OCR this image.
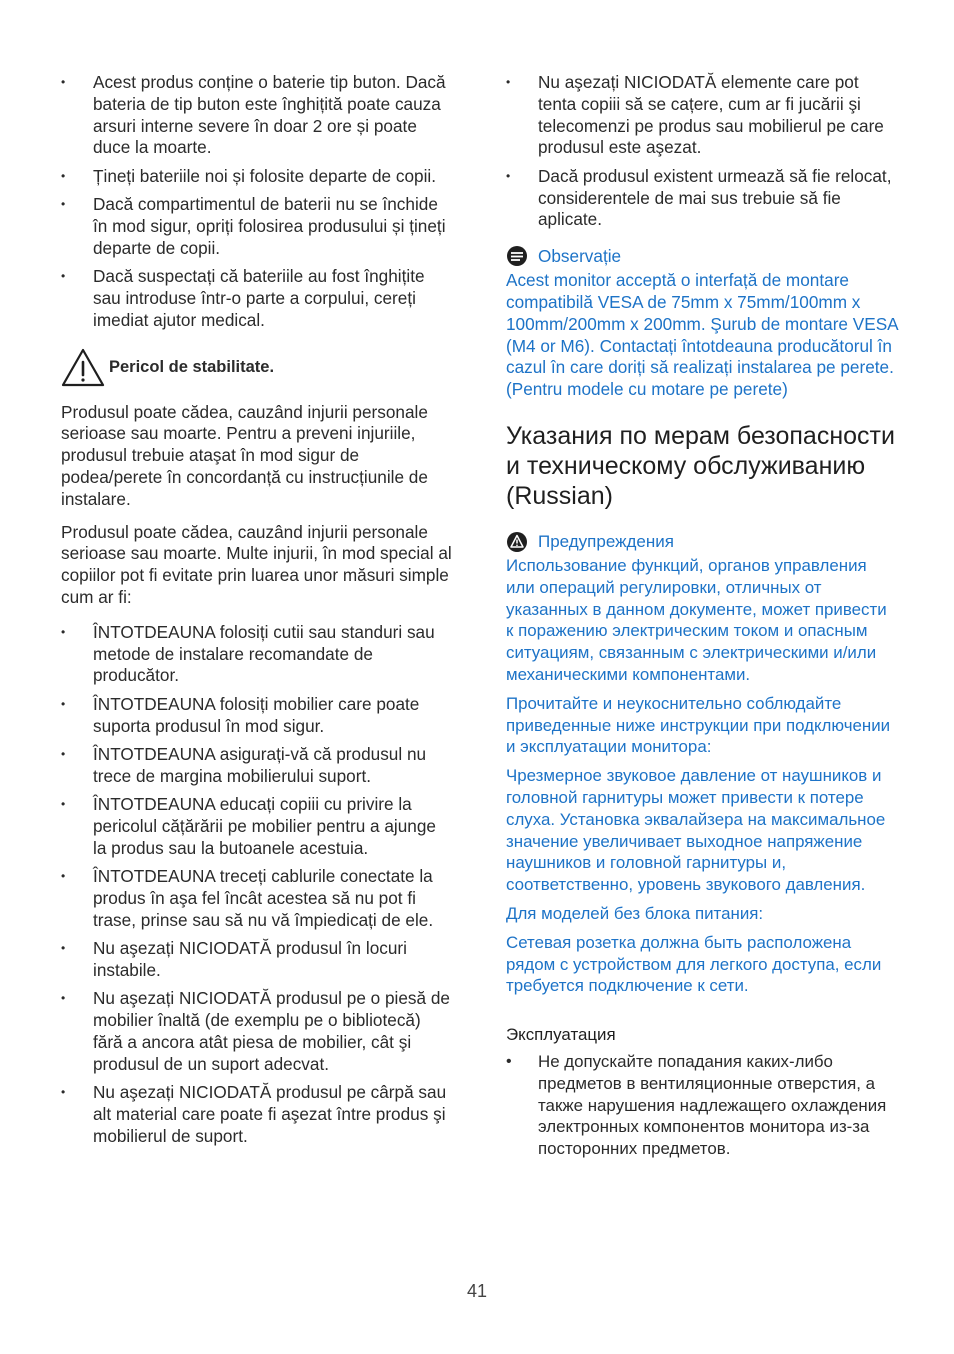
•	Acest produs conține o baterie tip buton. Dacă bateria de tip buton este înghițită poate cauza arsuri interne severe în doar 2 ore și poate duce la moarte.
•	Țineți bateriile noi și folosite departe de copii.
•	Dacă compartimentul de baterii nu se închide în mod sigur, opriți folosirea produsului și țineți departe de copii.
•	Dacă suspectați că bateriile au fost înghițite sau introduse într-o parte a corpului, cereți imediat ajutor medical.
Pericol de stabilitate.

Produsul poate cădea, cauzând injurii personale serioase sau moarte. Pentru a preveni injuriile, produsul trebuie ataşat în mod sigur de podea/perete în concordanță cu instrucțiunile de instalare.

Produsul poate cădea, cauzând injurii personale serioase sau moarte. Multe injurii, în mod special al copiilor pot fi evitate prin luarea unor măsuri simple cum ar fi:

•	ÎNTOTDEAUNA folosiți cutii sau standuri sau metode de instalare recomandate de producător.
•	ÎNTOTDEAUNA folosiți mobilier care poate suporta produsul în mod sigur.
•	ÎNTOTDEAUNA asigurați-vă că produsul nu trece de margina mobilierului suport.
•	ÎNTOTDEAUNA educați copiii cu privire la pericolul cățărării pe mobilier pentru a ajunge la produs sau la butoanele acestuia.
•	ÎNTOTDEAUNA treceți cablurile conectate la produs în aşa fel încât acestea să nu pot fi trase, prinse sau să nu vă împiedicați de ele.
•	Nu aşezați NICIODATĂ produsul în locuri instabile.
•	Nu aşezați NICIODATĂ produsul pe o piesă de mobilier înaltă (de exemplu pe o bibliotecă) fără a ancora atât piesa de mobilier, cât şi produsul de un suport adecvat.
•	Nu aşezați NICIODATĂ produsul pe cârpă sau alt material care poate fi aşezat între produs şi mobilierul de suport.
•	Nu aşezați NICIODATĂ elemente care pot tenta copiii să se cațere, cum ar fi jucării şi telecomenzi pe produs sau mobilierul pe care produsul este aşezat.
•	Dacă produsul existent urmează să fie relocat, considerentele de mai sus trebuie să fie aplicate.
Observație

Acest monitor acceptă o interfață de montare compatibilă VESA de 75mm x 75mm/100mm x 100mm/200mm x 200mm. Şurub de montare VESA (M4 or M6). Contactați întotdeauna producătorul în cazul în care doriți să realizați instalarea pe perete.(Pentru modele cu motare pe perete)

Указания по мерам безопасности и техническому обслуживанию (Russian)
Предупреждения

Использование функций, органов управления или операций регулировки, отличных от указанных в данном документе, может привести к поражению электрическим током и опасным ситуациям, связанным с электрическими и/или механическими компонентами.

Прочитайте и неукоснительно соблюдайте приведенные ниже инструкции при подключении и эксплуатации монитора:

Чрезмерное звуковое давление от наушников и головной гарнитуры может привести к потере слуха. Установка эквалайзера на максимальное значение увеличивает выходное напряжение наушников и головной гарнитуры и, соответственно, уровень звукового давления.

Для моделей без блока питания:

Сетевая розетка должна быть расположена рядом с устройством для легкого доступа, если требуется подключение к сети.

Эксплуатация
• Не допускайте попадания каких-либо предметов в вентиляционные отверстия, а также нарушения надлежащего охлаждения электронных компонентов монитора из-за посторонних предметов.
41
